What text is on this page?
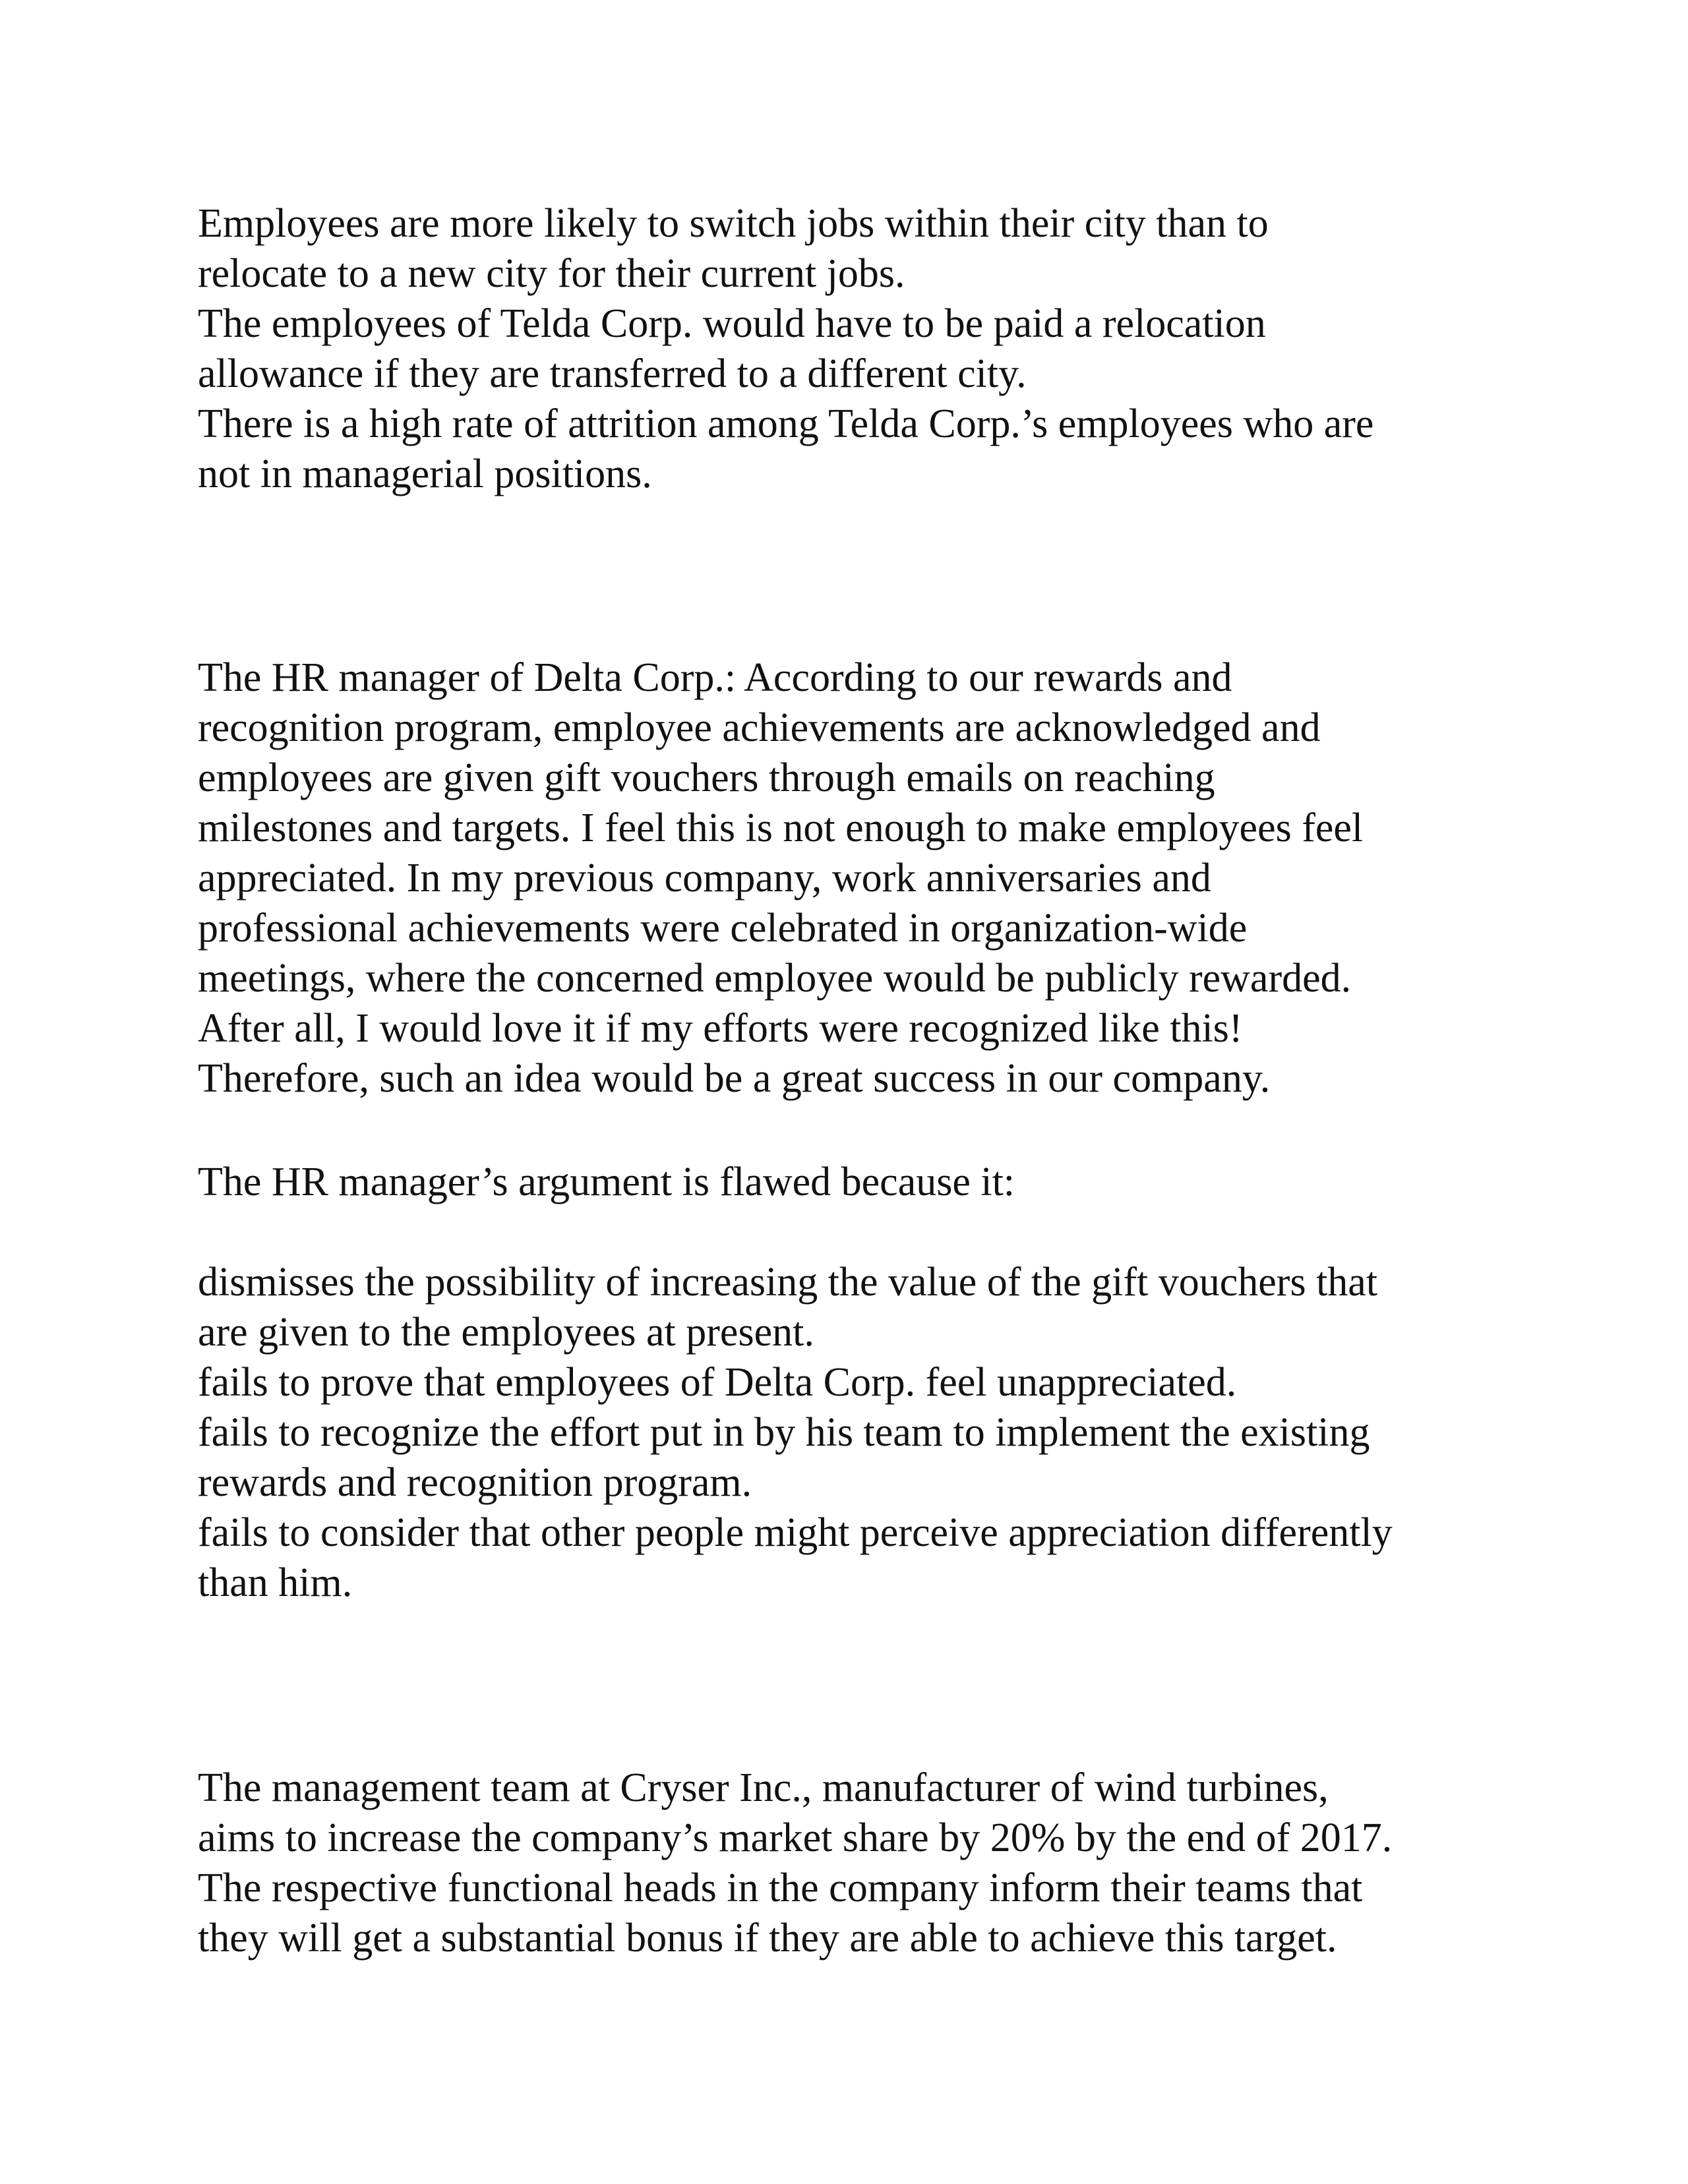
Employees are more likely to switch jobs within their city than to
relocate to a new city for their current jobs.
The employees of Telda Corp. would have to be paid a relocation
allowance if they are transferred to a different city.
There is a high rate of attrition among Telda Corp.’s employees who are
not in managerial positions.
The HR manager of Delta Corp.: According to our rewards and
recognition program, employee achievements are acknowledged and
employees are given gift vouchers through emails on reaching
milestones and targets. I feel this is not enough to make employees feel
appreciated. In my previous company, work anniversaries and
professional achievements were celebrated in organization-wide
meetings, where the concerned employee would be publicly rewarded.
After all, I would love it if my efforts were recognized like this!
Therefore, such an idea would be a great success in our company.
The HR manager’s argument is flawed because it:
dismisses the possibility of increasing the value of the gift vouchers that
are given to the employees at present.
fails to prove that employees of Delta Corp. feel unappreciated.
fails to recognize the effort put in by his team to implement the existing
rewards and recognition program.
fails to consider that other people might perceive appreciation differently
than him.
The management team at Cryser Inc., manufacturer of wind turbines,
aims to increase the company’s market share by 20% by the end of 2017.
The respective functional heads in the company inform their teams that
they will get a substantial bonus if they are able to achieve this target.
